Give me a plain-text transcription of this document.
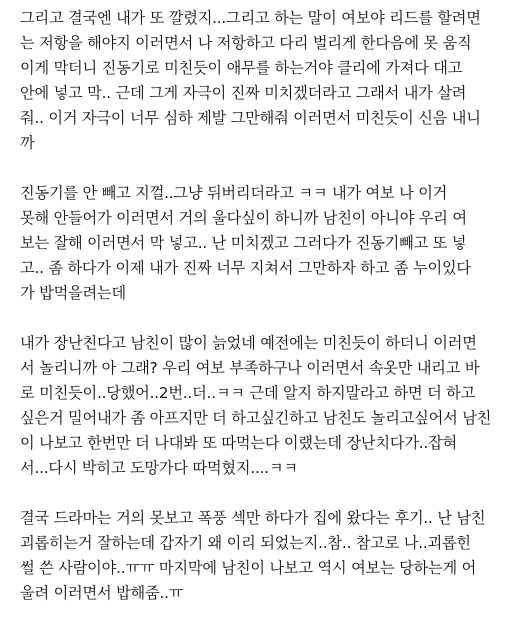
그리고 결국엔 내가 또 깔렸지...그리고 하는 말이 여보야 리드를 할려면
는 저항을 해야지 이러면서 나 저항하고 다리 벌리게 한다음에 못 움직
이게 막더니 진동기로 미친듯이 애무를 하는거야 클리에 가져다 대고
안에 넣고 막.. 근데 그게 자극이 진짜 미치겠더라고 그래서 내가 살려
줘.. 이거 자극이 너무 심하 제발 그만해줘 이러면서 미친듯이 신음 내니
까

진동기를 안 빼고 지껄..그냥 뒤버리더라고 ㅋㅋ 내가 여보 나 이거
못해 안들어가 이러면서 거의 울다싶이 하니까 남친이 아니야 우리 여
보는 잘해 이러면서 막 넣고.. 난 미치겠고 그러다가 진동기빼고 또 넣
고.. 좀 하다가 이제 내가 진짜 너무 지쳐서 그만하자 하고 좀 누이있다
가 밥먹을려는데

내가 장난친다고 남친이 많이 늙었네 예전에는 미친듯이 하더니 이러면
서 놀리니까 아 그래? 우리 여보 부족하구나 이러면서 속옷만 내리고 바
로 미친듯이..당했어..2번..더..ㅋㅋ 근데 알지 하지말라고 하면 더 하고
싶은거 밀어내가 좀 아프지만 더 하고싶긴하고 남친도 놀리고싶어서 남친
이 나보고 한번만 더 나대봐 또 따먹는다 이랬는데 장난치다가..잡혀
서...다시 박히고 도망가다 따먹혔지....ㅋㅋ

결국 드라마는 거의 못보고 폭풍 섹만 하다가 집에 왔다는 후기.. 난 남친
괴롭히는거 잘하는데 갑자기 왜 이리 되었는지..참.. 참고로 나..괴롭힌
썰 쓴 사람이야..ㅠㅠ 마지막에 남친이 나보고 역시 여보는 당하는게 어
울려 이러면서 밥해줌..ㅠ
